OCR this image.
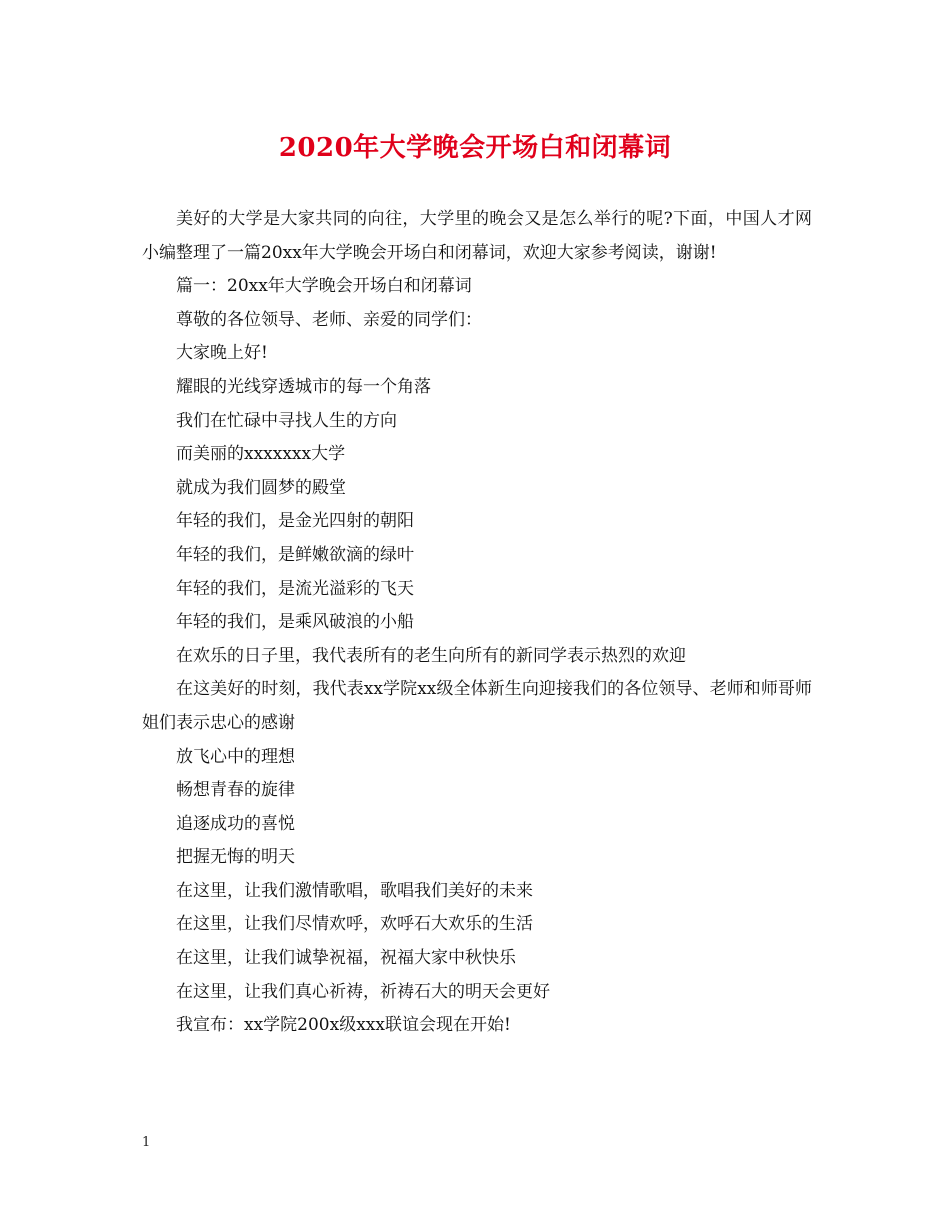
2020年大学晚会开场白和闭幕词

美好的大学是大家共同的向往，大学里的晚会又是怎么举行的呢?下面，中国人才网小编整理了一篇20xx年大学晚会开场白和闭幕词，欢迎大家参考阅读，谢谢!

篇一：20xx年大学晚会开场白和闭幕词

尊敬的各位领导、老师、亲爱的同学们：

大家晚上好!

耀眼的光线穿透城市的每一个角落

我们在忙碌中寻找人生的方向

而美丽的xxxxxxx大学

就成为我们圆梦的殿堂

年轻的我们，是金光四射的朝阳

年轻的我们，是鲜嫩欲滴的绿叶

年轻的我们，是流光溢彩的飞天

年轻的我们，是乘风破浪的小船

在欢乐的日子里，我代表所有的老生向所有的新同学表示热烈的欢迎

在这美好的时刻，我代表xx学院xx级全体新生向迎接我们的各位领导、老师和师哥师姐们表示忠心的感谢

放飞心中的理想

畅想青春的旋律

追逐成功的喜悦

把握无悔的明天

在这里，让我们激情歌唱，歌唱我们美好的未来

在这里，让我们尽情欢呼，欢呼石大欢乐的生活

在这里，让我们诚挚祝福，祝福大家中秋快乐

在这里，让我们真心祈祷，祈祷石大的明天会更好

我宣布：xx学院200x级xxx联谊会现在开始!

1
